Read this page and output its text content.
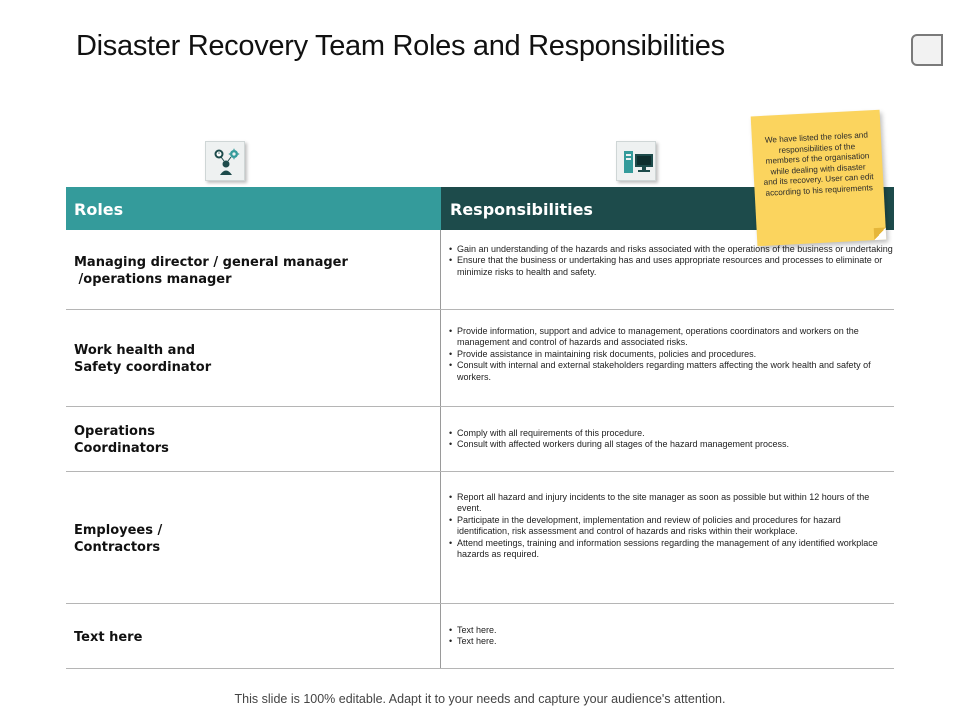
Disaster Recovery Team Roles and Responsibilities
Roles	Responsibilities
Managing director / general manager
/operations manager
• Gain an understanding of the hazards and risks associated with the operations of the business or undertaking
• Ensure that the business or undertaking has and uses appropriate resources and processes to eliminate or minimize risks to health and safety.
Work health and
Safety coordinator
• Provide information, support and advice to management, operations coordinators and workers on the management and control of hazards and associated risks.
• Provide assistance in maintaining risk documents, policies and procedures.
• Consult with internal and external stakeholders regarding matters affecting the work health and safety of workers.
Operations
Coordinators
• Comply with all requirements of this procedure.
• Consult with affected workers during all stages of the hazard management process.
Employees /
Contractors
• Report all hazard and injury incidents to the site manager as soon as possible but within 12 hours of the event.
• Participate in the development, implementation and review of policies and procedures for hazard identification, risk assessment and control of hazards and risks within their workplace.
• Attend meetings, training and information sessions regarding the management of any identified workplace hazards as required.
Text here
•	Text here.
• Text here.
We have listed the roles and responsibilities of the members of the organisation while dealing with disaster and its recovery. User can edit according to his requirements
This slide is 100% editable. Adapt it to your needs and capture your audience's attention.
